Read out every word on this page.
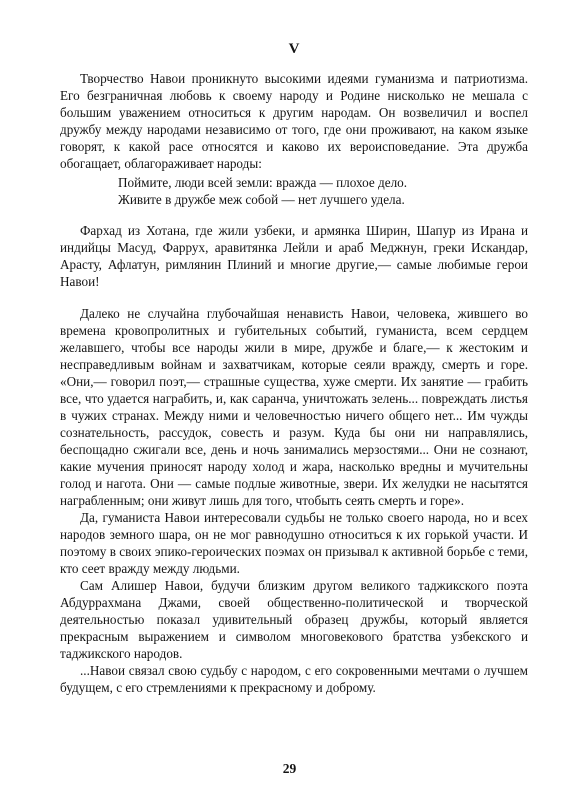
V

Творчество Навои проникнуто высокими идеями гуманизма и патриотизма. Его безграничная любовь к своему народу и Родине нисколько не мешала с большим уважением относиться к другим народам. Он возвеличил и воспел дружбу между народами независимо от того, где они проживают, на каком языке говорят, к какой расе относятся и каково их вероисповедание. Эта дружба обогащает, облагораживает народы:

Поймите, люди всей земли: вражда — плохое дело.
Живите в дружбе меж собой — нет лучшего удела.

Фархад из Хотана, где жили узбеки, и армянка Ширин, Шапур из Ирана и индийцы Масуд, Фаррух, аравитянка Лейли и араб Меджнун, греки Искандар, Арасту, Афлатун, римлянин Плиний и многие другие,— самые любимые герои Навои!

Далеко не случайна глубочайшая ненависть Навои, человека, жившего во времена кровопролитных и губительных событий, гуманиста, всем сердцем желавшего, чтобы все народы жили в мире, дружбе и благе,— к жестоким и несправедливым войнам и захватчикам, которые сеяли вражду, смерть и горе. «Они,— говорил поэт,— страшные существа, хуже смерти. Их занятие — грабить все, что удается награбить, и, как саранча, уничтожать зелень... повреждать листья в чужих странах. Между ними и человечностью ничего общего нет... Им чужды сознательность, рассудок, совесть и разум. Куда бы они ни направлялись, беспощадно сжигали все, день и ночь занимались мерзостями... Они не сознают, какие мучения приносят народу холод и жара, насколько вредны и мучительны голод и нагота. Они — самые подлые животные, звери. Их желудки не насытятся награбленным; они живут лишь для того, чтобыть сеять смерть и горе».

Да, гуманиста Навои интересовали судьбы не только своего народа, но и всех народов земного шара, он не мог равнодушно относиться к их горькой участи. И поэтому в своих эпико-героических поэмах он призывал к активной борьбе с теми, кто сеет вражду между людьми.

Сам Алишер Навои, будучи близким другом великого таджикского поэта Абдуррахмана Джами, своей общественно-политической и творческой деятельностью показал удивительный образец дружбы, который является прекрасным выражением и символом многовекового братства узбекского и таджикского народов.

...Навои связал свою судьбу с народом, с его сокровенными мечтами о лучшем будущем, с его стремлениями к прекрасному и доброму.

29
